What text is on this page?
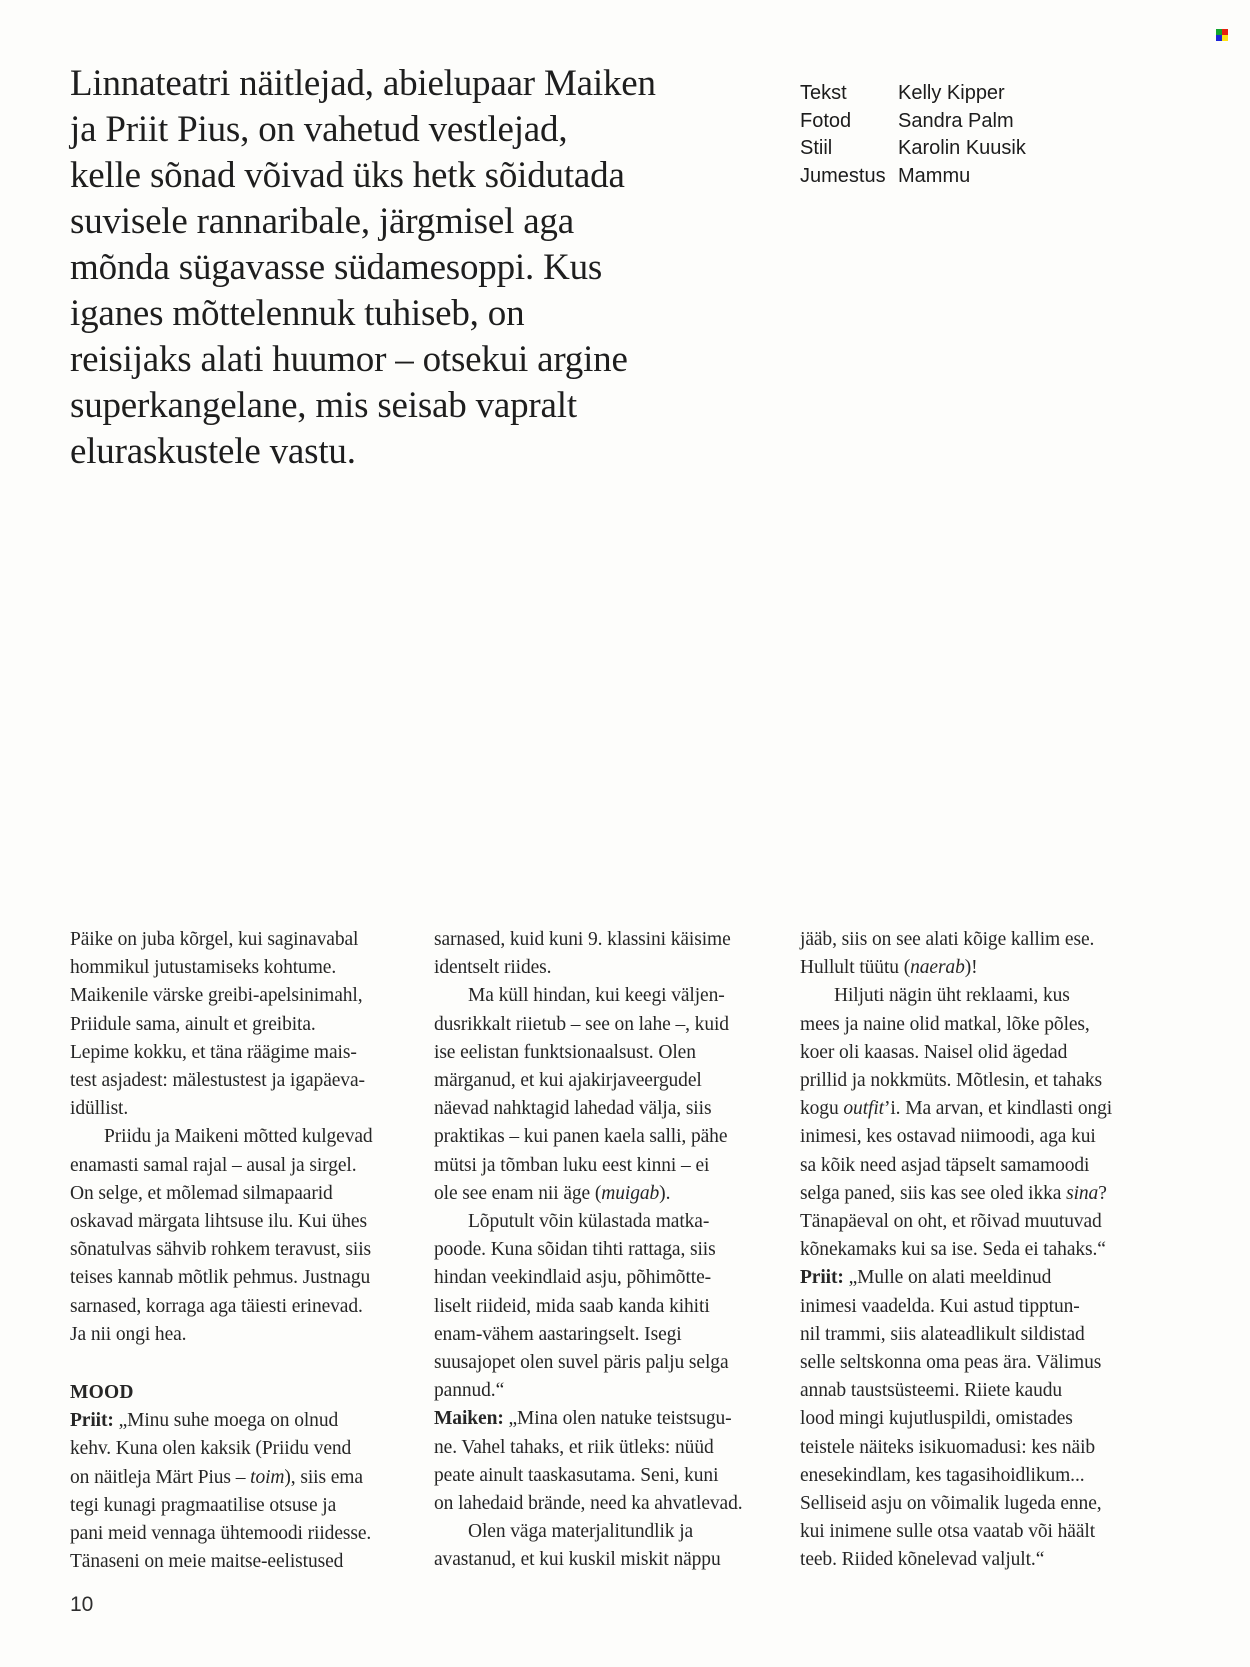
Linnateatri näitlejad, abielupaar Maiken
ja Priit Pius, on vahetud vestlejad,
kelle sõnad võivad üks hetk sõidutada
suvisele rannaribale, järgmisel aga
mõnda sügavasse südamesoppi. Kus
iganes mõttelennuk tuhiseb, on
reisijaks alati huumor – otsekui argine
superkangelane, mis seisab vapralt
eluraskustele vastu.
Tekst	Kelly Kipper
Fotod	Sandra Palm
Stiil	Karolin Kuusik
Jumestus Mammu
Päike on juba kõrgel, kui saginavabal
hommikul jutustamiseks kohtume.
Maikenile värske greibi-apelsinimahl,
Priidule sama, ainult et greibita.
Lepime kokku, et täna räägime mais-
test asjadest: mälestustest ja igapäeva-
idüllist.
Priidu ja Maikeni mõtted kulgevad
enamasti samal rajal – ausal ja sirgel.
On selge, et mõlemad silmapaarid
oskavad märgata lihtsuse ilu. Kui ühes
sõnatulvas sähvib rohkem teravust, siis
teises kannab mõtlik pehmus. Justnagu
sarnased, korraga aga täiesti erinevad.
Ja nii ongi hea.
MOOD
Priit: „Minu suhe moega on olnud
kehv. Kuna olen kaksik (Priidu vend
on näitleja Märt Pius – toim), siis ema
tegi kunagi pragmaatilise otsuse ja
pani meid vennaga ühtemoodi riidesse.
Tänaseni on meie maitse-eelistused
sarnased, kuid kuni 9. klassini käisime
identselt riides.
Ma küll hindan, kui keegi väljen-
dusrikkalt riietub – see on lahe –, kuid
ise eelistan funktsionaalsust. Olen
märganud, et kui ajakirjaveergudel
näevad nahktagid lahedad välja, siis
praktikas – kui panen kaela salli, pähe
mütsi ja tõmban luku eest kinni – ei
ole see enam nii äge (muigab).
Lõputult võin külastada matka-
poode. Kuna sõidan tihti rattaga, siis
hindan veekindlaid asju, põhimõtte-
liselt riideid, mida saab kanda kihiti
enam-vähem aastaringselt. Isegi
suusajopet olen suvel päris palju selga
pannud.“
Maiken: „Mina olen natuke teistsugu-
ne. Vahel tahaks, et riik ütleks: nüüd
peate ainult taaskasutama. Seni, kuni
on lahedaid brände, need ka ahvatlevad.
Olen väga materjalitundlik ja
avastanud, et kui kuskil miskit näppu
jääb, siis on see alati kõige kallim ese.
Hullult tüütu (naerab)!
Hiljuti nägin üht reklaami, kus
mees ja naine olid matkal, lõke põles,
koer oli kaasas. Naisel olid ägedad
prillid ja nokkmüts. Mõtlesin, et tahaks
kogu outfit’i. Ma arvan, et kindlasti ongi
inimesi, kes ostavad niimoodi, aga kui
sa kõik need asjad täpselt samamoodi
selga paned, siis kas see oled ikka sina?
Tänapäeval on oht, et rõivad muutuvad
kõnekamaks kui sa ise. Seda ei tahaks.“
Priit: „Mulle on alati meeldinud
inimesi vaadelda. Kui astud tipptun-
nil trammi, siis alateadlikult sildistad
selle seltskonna oma peas ära. Välimus
annab taustsüsteemi. Riiete kaudu
lood mingi kujutluspildi, omistades
teistele näiteks isikuomadusi: kes näib
enesekindlam, kes tagasihoidlikum...
Selliseid asju on võimalik lugeda enne,
kui inimene sulle otsa vaatab või häält
teeb. Riided kõnelevad valjult.“
10
